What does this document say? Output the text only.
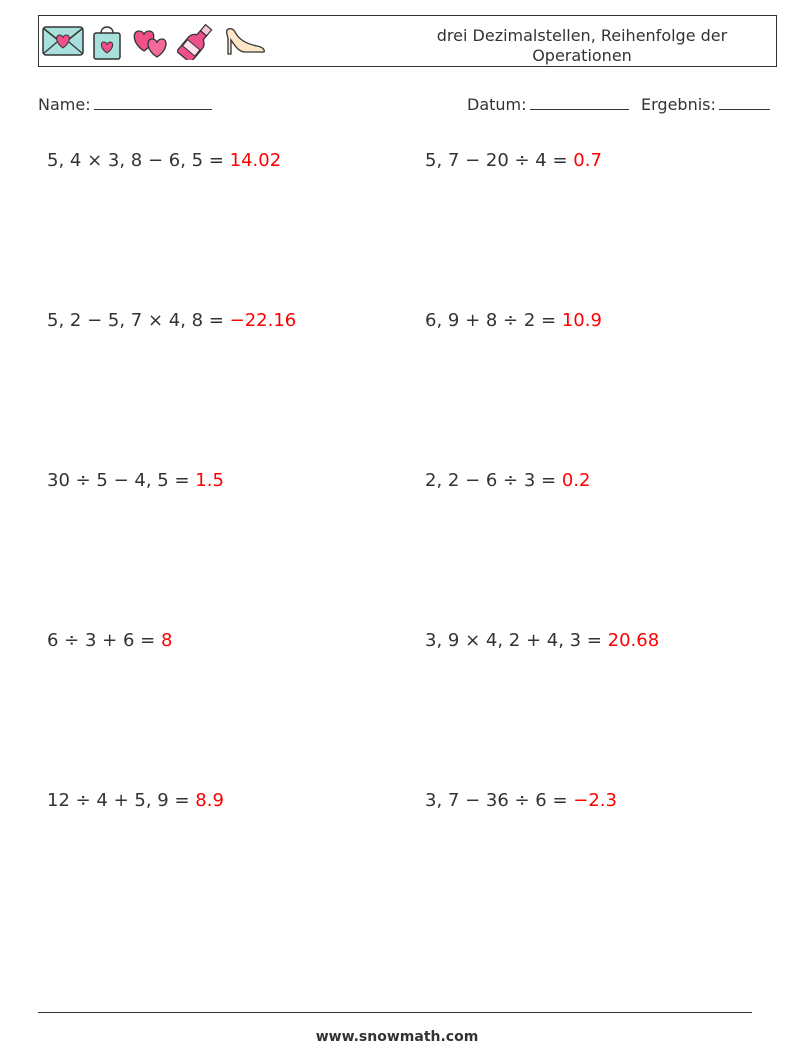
drei Dezimalstellen, Reihenfolge der Operationen
Name:	Datum:	Ergebnis:
5, 4 × 3, 8 − 6, 5 = 14.02	5, 7 − 20 ÷ 4 = 0.7
5, 2 − 5, 7 × 4, 8 = −22.16	6, 9 + 8 ÷ 2 = 10.9
30 ÷ 5 − 4, 5 = 1.5	2, 2 − 6 ÷ 3 = 0.2
6 ÷ 3 + 6 = 8	3, 9 × 4, 2 + 4, 3 = 20.68
12 ÷ 4 + 5, 9 = 8.9	3, 7 − 36 ÷ 6 = −2.3
www.snowmath.com
